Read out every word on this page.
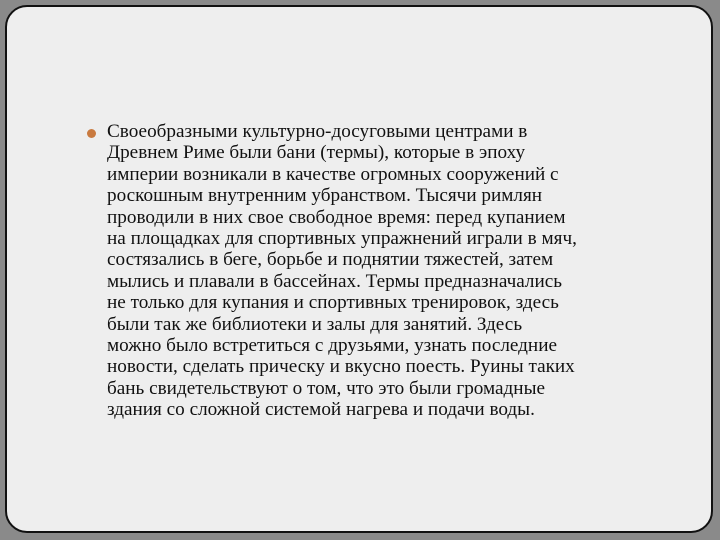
Своеобразными культурно-досуговыми центрами в
Древнем Риме были бани (термы), которые в эпоху
империи возникали в качестве огромных сооружений с
роскошным внутренним убранством. Тысячи римлян
проводили в них свое свободное время: перед купанием
на площадках для спортивных упражнений играли в мяч,
состязались в беге, борьбе и поднятии тяжестей, затем
мылись и плавали в бассейнах. Термы предназначались
не только для купания и спортивных тренировок, здесь
были так же библиотеки и залы для занятий. Здесь
можно было встретиться с друзьями, узнать последние
новости, сделать прическу и вкусно поесть. Руины таких
бань свидетельствуют о том, что это были громадные
здания со сложной системой нагрева и подачи воды.
